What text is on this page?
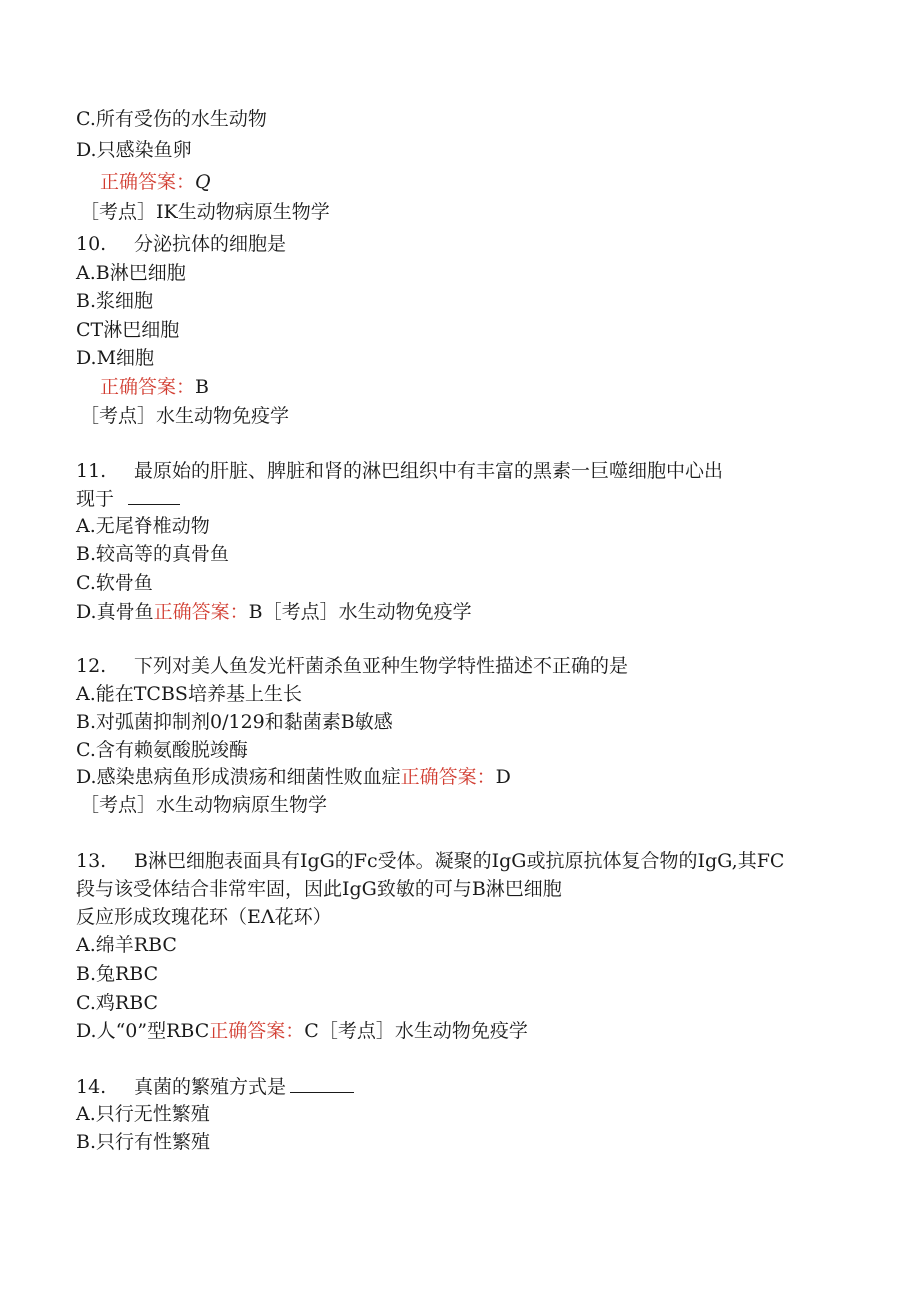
C.所有受伤的水生动物
D.只感染鱼卵
正确答案：Q
［考点］IK生动物病原生物学
10. 分泌抗体的细胞是
A.B淋巴细胞
B.浆细胞
CT淋巴细胞
D.M细胞
正确答案：B
［考点］水生动物免疫学
11. 最原始的肝脏、脾脏和肾的淋巴组织中有丰富的黑素一巨噬细胞中心出
现于
A.无尾脊椎动物
B.较高等的真骨鱼
C.软骨鱼
D.真骨鱼正确答案：B［考点］水生动物免疫学
12. 下列对美人鱼发光杆菌杀鱼亚种生物学特性描述不正确的是
A.能在TCBS培养基上生长
B.对弧菌抑制剂0/129和黏菌素B敏感
C.含有赖氨酸脱竣酶
D.感染患病鱼形成溃疡和细菌性败血症正确答案：D
［考点］水生动物病原生物学
13. B淋巴细胞表面具有IgG的Fc受体。凝聚的IgG或抗原抗体复合物的IgG,其FC
段与该受体结合非常牢固，因此IgG致敏的可与B淋巴细胞
反应形成玫瑰花环（EΛ花环）
A.绵羊RBC
B.兔RBC
C.鸡RBC
D.人“0”型RBC正确答案：C［考点］水生动物免疫学
14. 真菌的繁殖方式是
A.只行无性繁殖
B.只行有性繁殖
